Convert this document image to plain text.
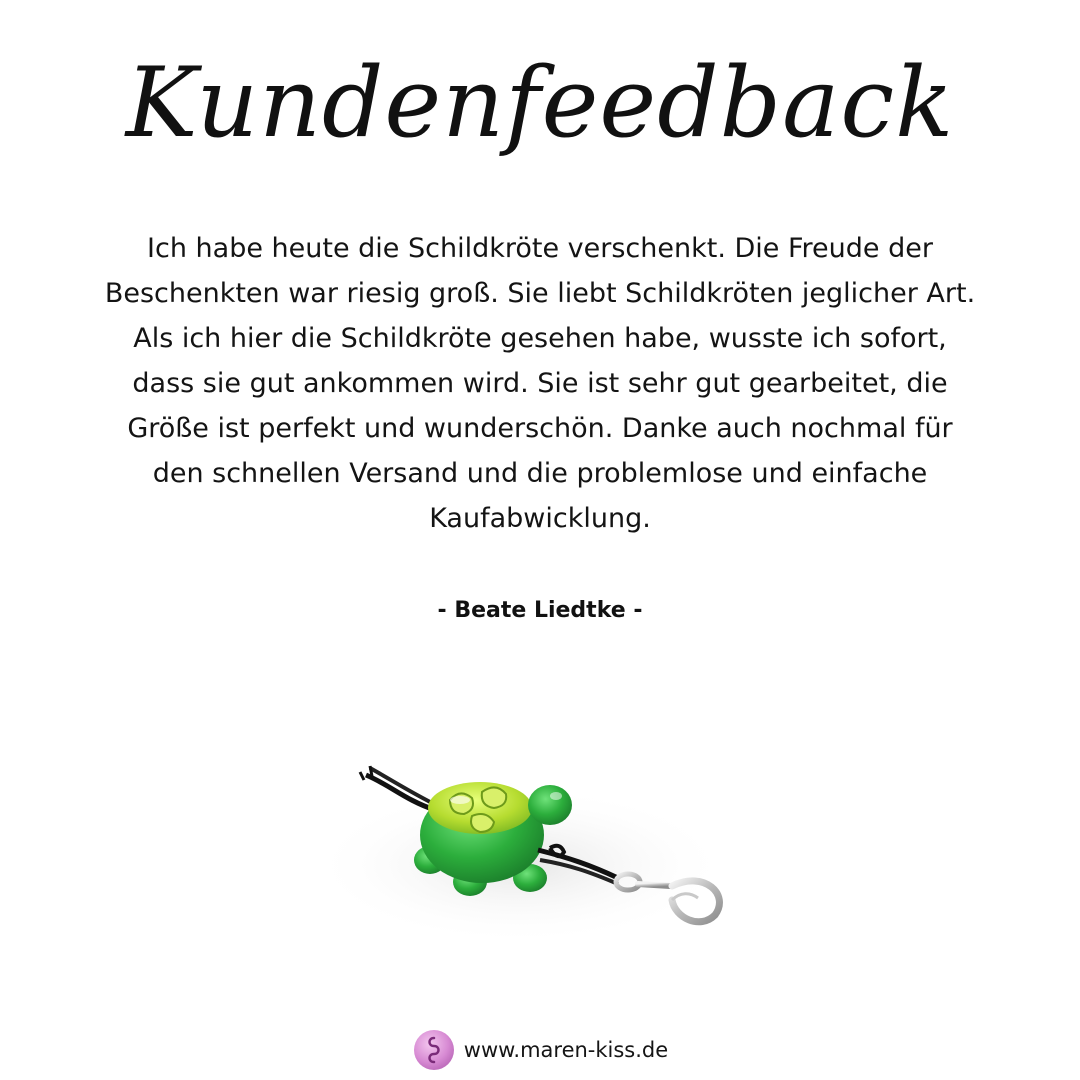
Kundenfeedback
Ich habe heute die Schildkröte verschenkt. Die Freude der Beschenkten war riesig groß. Sie liebt Schildkröten jeglicher Art. Als ich hier die Schildkröte gesehen habe, wusste ich sofort, dass sie gut ankommen wird. Sie ist sehr gut gearbeitet, die Größe ist perfekt und wunderschön. Danke auch nochmal für den schnellen Versand und die problemlose und einfache Kaufabwicklung.
- Beate Liedtke -
www.maren-kiss.de
